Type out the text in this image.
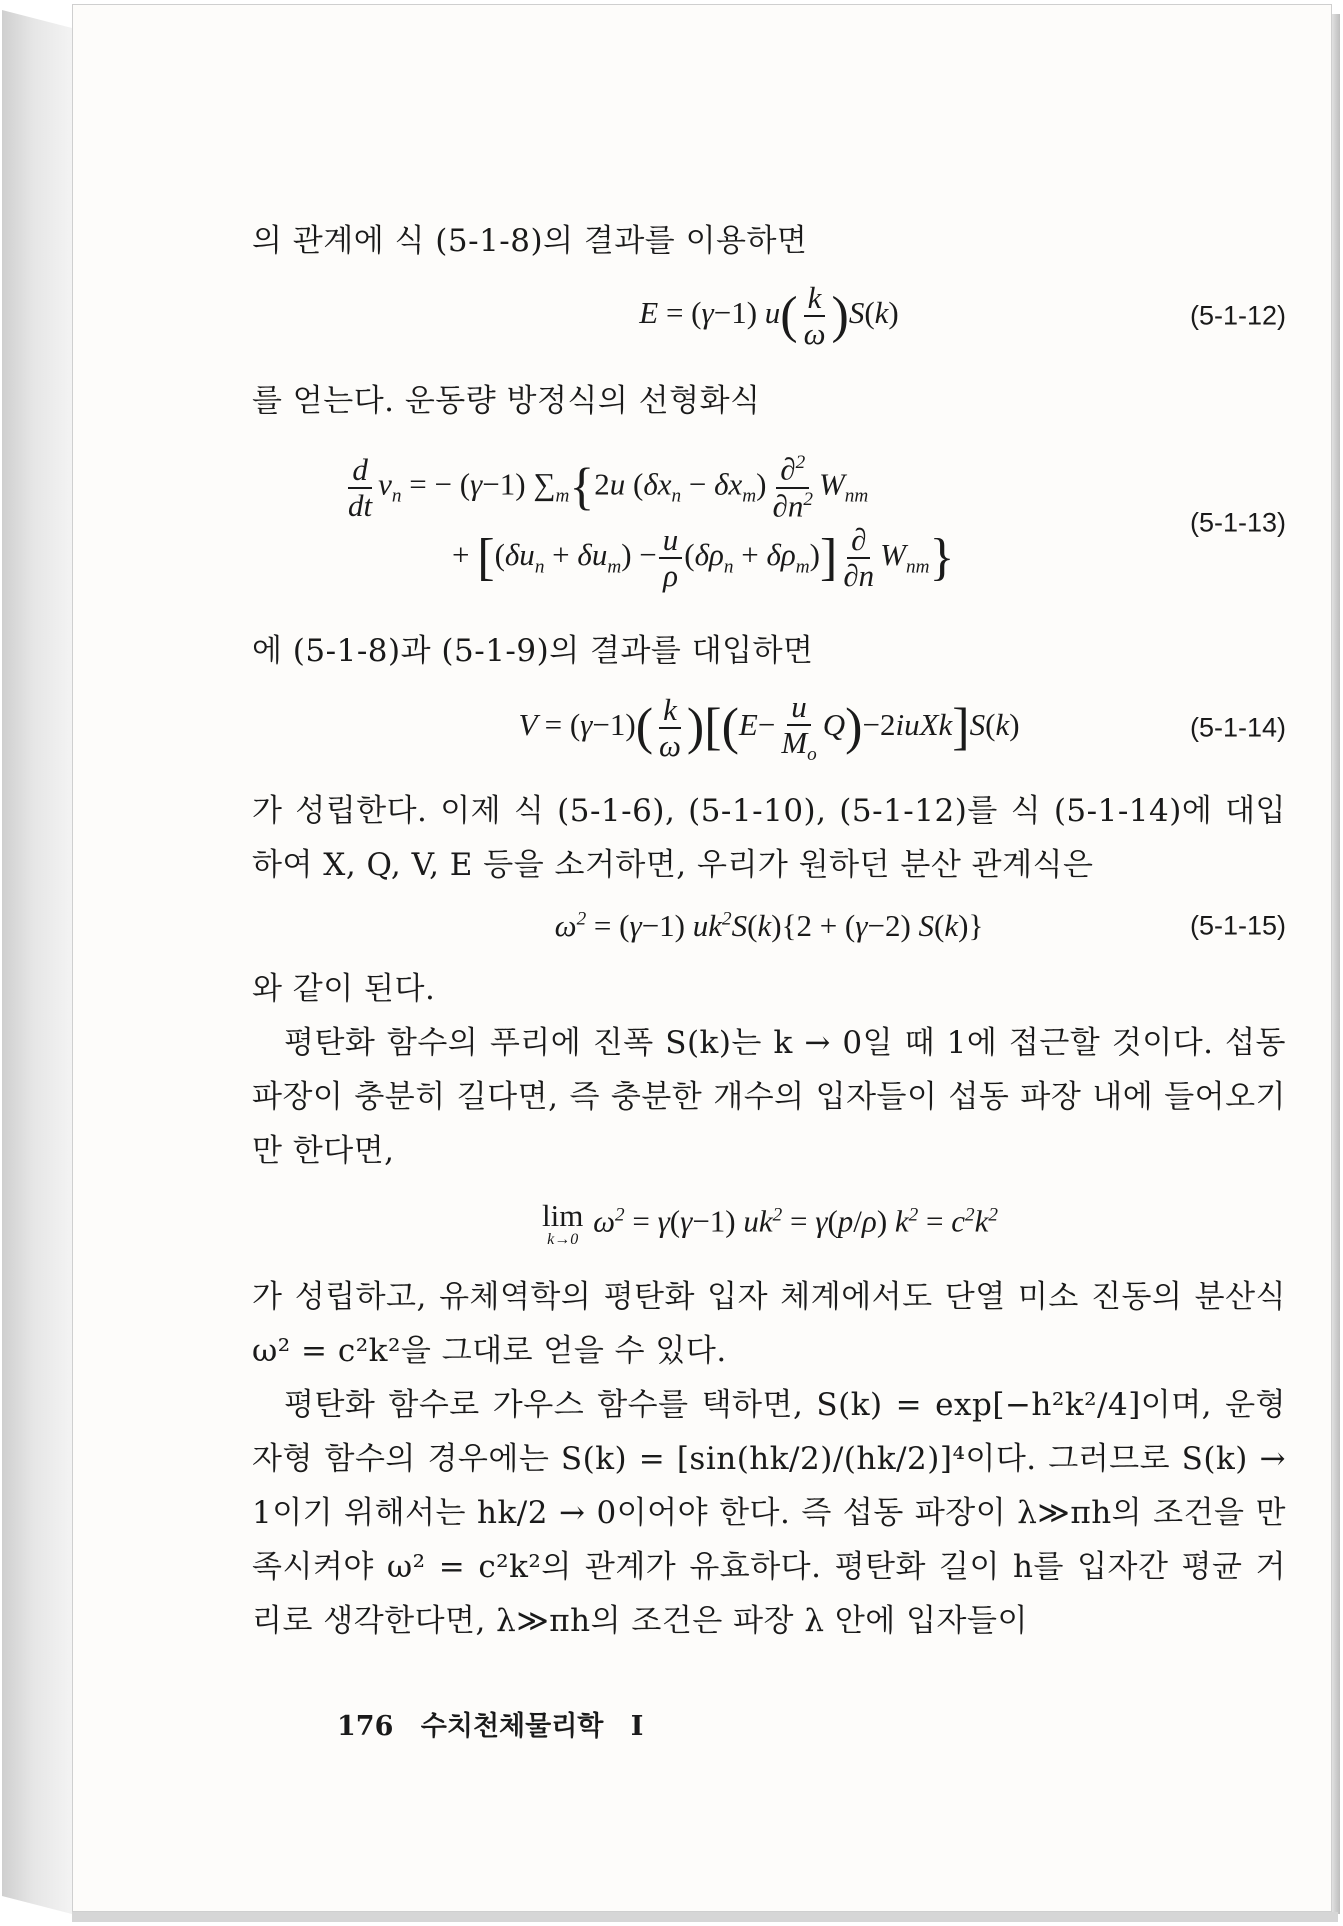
의 관계에 식 (5-1-8)의 결과를 이용하면

E = (γ−1) $u( \frac{k}{\omega} )S(k)$	(5-1-12)

를 얻는다. 운동량 방정식의 선형화식

$\frac{d}{dt} v_n$ = − (γ−1) $\sum_m\{2u$ $(\delta x_n - \delta x_m) \frac{\partial^2}{\partial n^2} W_{nm}$
+ $[(\delta u_n + \delta u_m) - \frac{u}{\rho} (\delta\rho_n + \delta\rho_m)] \frac{\partial}{\partial n} W_{nm}$}
(5-1-13)

에 (5-1-8)과 (5-1-9)의 결과를 대입하면

$V = (\gamma-1)( \frac{k}{\omega} )[(E- \frac{u}{M_o}$ Q)−2iuXk]S(k)	(5-1-14)

가 성립한다. 이제 식 (5-1-6), (5-1-10), (5-1-12)를 식 (5-1-14)에 대입하여 X, Q, V, E 등을 소거하면, 우리가 원하던 분산 관계식은

$\omega^2 = (\gamma-1) uk^2S(k)\{2 + (\gamma-2)$ S(k)}	(5-1-15)

와 같이 된다.

평탄화 함수의 푸리에 진폭 S(k)는 k → 0일 때 1에 접근할 것이다. 섭동 파장이 충분히 길다면, 즉 충분한 개수의 입자들이 섭동 파장 내에 들어오기만 한다면,

lim
k→0
$\omega^2 = \gamma(\gamma-1) uk^2 = \gamma(p/\rho) k^2 = c^2k^2$

가 성립하고, 유체역학의 평탄화 입자 체계에서도 단열 미소 진동의 분산식 ω² = c²k²을 그대로 얻을 수 있다.

평탄화 함수로 가우스 함수를 택하면, S(k) = exp[−h²k²/4]이며, 운형자형 함수의 경우에는 S(k) = [sin(hk/2)/(hk/2)]⁴이다. 그러므로 S(k) → 1이기 위해서는 hk/2 → 0이어야 한다. 즉 섭동 파장이 λ≫πh의 조건을 만족시켜야 ω² = c²k²의 관계가 유효하다. 평탄화 길이 h를 입자간 평균 거리로 생각한다면, λ≫πh의 조건은 파장 λ 안에 입자들이

176 수치천체물리학 I
